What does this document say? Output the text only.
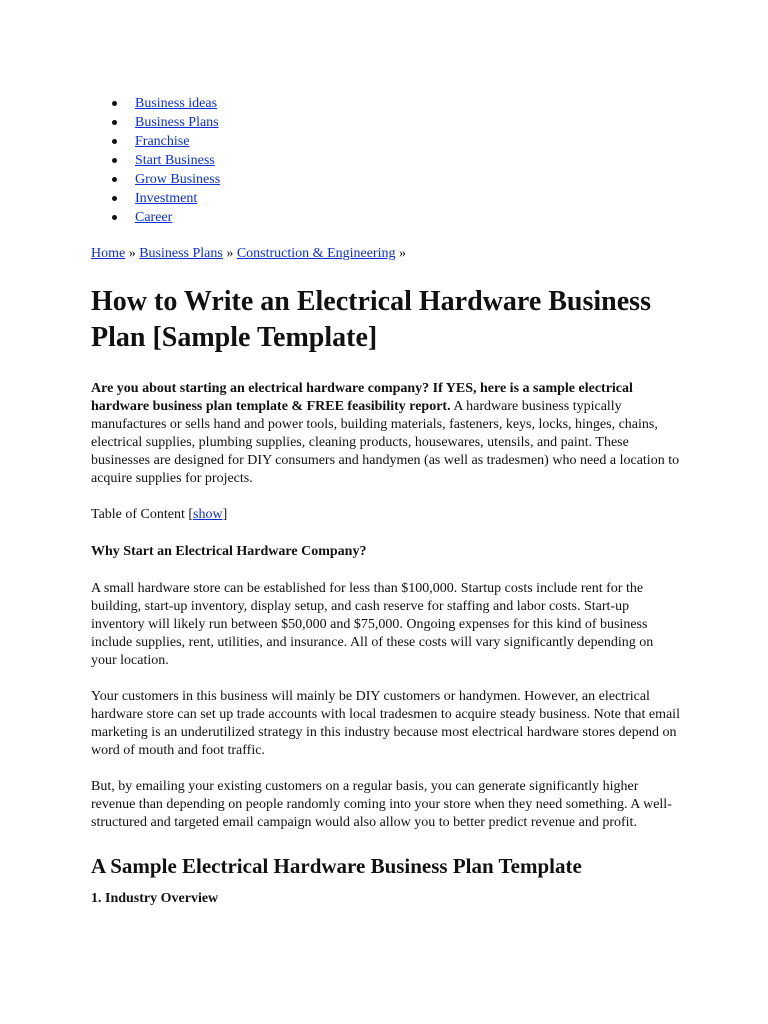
Business ideas
Business Plans
Franchise
Start Business
Grow Business
Investment
Career
Home » Business Plans » Construction & Engineering »
How to Write an Electrical Hardware Business Plan [Sample Template]

Are you about starting an electrical hardware company? If YES, here is a sample electrical hardware business plan template & FREE feasibility report. A hardware business typically manufactures or sells hand and power tools, building materials, fasteners, keys, locks, hinges, chains, electrical supplies, plumbing supplies, cleaning products, housewares, utensils, and paint. These businesses are designed for DIY consumers and handymen (as well as tradesmen) who need a location to acquire supplies for projects.

Table of Content [show]

Why Start an Electrical Hardware Company?

A small hardware store can be established for less than $100,000. Startup costs include rent for the building, start-up inventory, display setup, and cash reserve for staffing and labor costs. Start-up inventory will likely run between $50,000 and $75,000. Ongoing expenses for this kind of business include supplies, rent, utilities, and insurance. All of these costs will vary significantly depending on your location.

Your customers in this business will mainly be DIY customers or handymen. However, an electrical hardware store can set up trade accounts with local tradesmen to acquire steady business. Note that email marketing is an underutilized strategy in this industry because most electrical hardware stores depend on word of mouth and foot traffic.

But, by emailing your existing customers on a regular basis, you can generate significantly higher revenue than depending on people randomly coming into your store when they need something. A well-structured and targeted email campaign would also allow you to better predict revenue and profit.

A Sample Electrical Hardware Business Plan Template

1. Industry Overview
